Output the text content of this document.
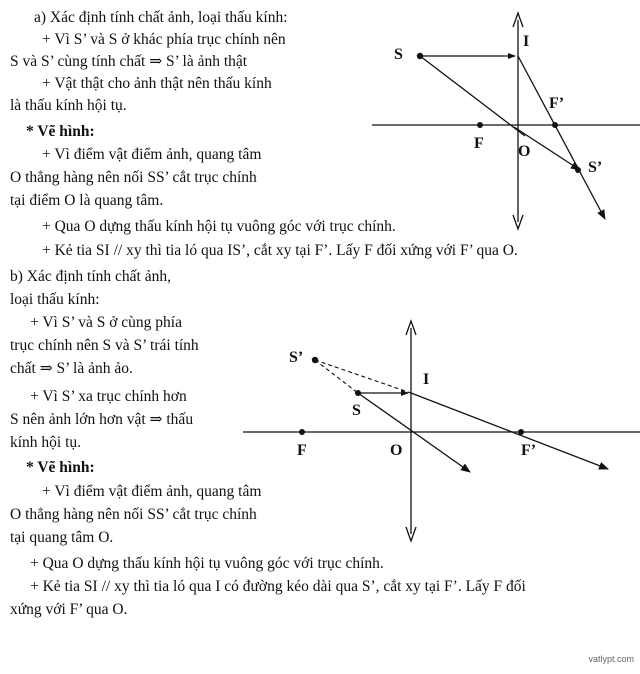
a) Xác định tính chất ảnh, loại thấu kính:
+ Vì S’ và S ở khác phía trục chính nên
S và S’ cùng tính chất ⇒ S’ là ảnh thật
+ Vật thật cho ảnh thật nên thấu kính
là thấu kính hội tụ.
* Vẽ hình:
+ Vì điểm vật điểm ảnh, quang tâm
O thẳng hàng nên nối SS’ cắt trục chính
tại điểm O là quang tâm.
+ Qua O dựng thấu kính hội tụ vuông góc với trục chính.
+ Kẻ tia SI // xy thì tia ló qua IS’, cắt xy tại F’. Lấy F đối xứng với F’ qua O.
b) Xác định tính chất ảnh,
loại thấu kính:
+ Vì S’ và S ở cùng phía
trục chính nên S và S’ trái tính
chất ⇒ S’ là ảnh ảo.
+ Vì S’ xa trục chính hơn
S nên ảnh lớn hơn vật ⇒ thấu
kính hội tụ.
* Vẽ hình:
+ Vì điểm vật điểm ảnh, quang tâm
O thẳng hàng nên nối SS’ cắt trục chính
tại quang tâm O.
+ Qua O dựng thấu kính hội tụ vuông góc với trục chính.
+ Kẻ tia SI // xy thì tia ló qua I có đường kéo dài qua S’, cắt xy tại F’. Lấy F đối
xứng với F’ qua O.
vatlypt.com
S
I
F’
F O
S’
S’
I
S
F	O	F’
